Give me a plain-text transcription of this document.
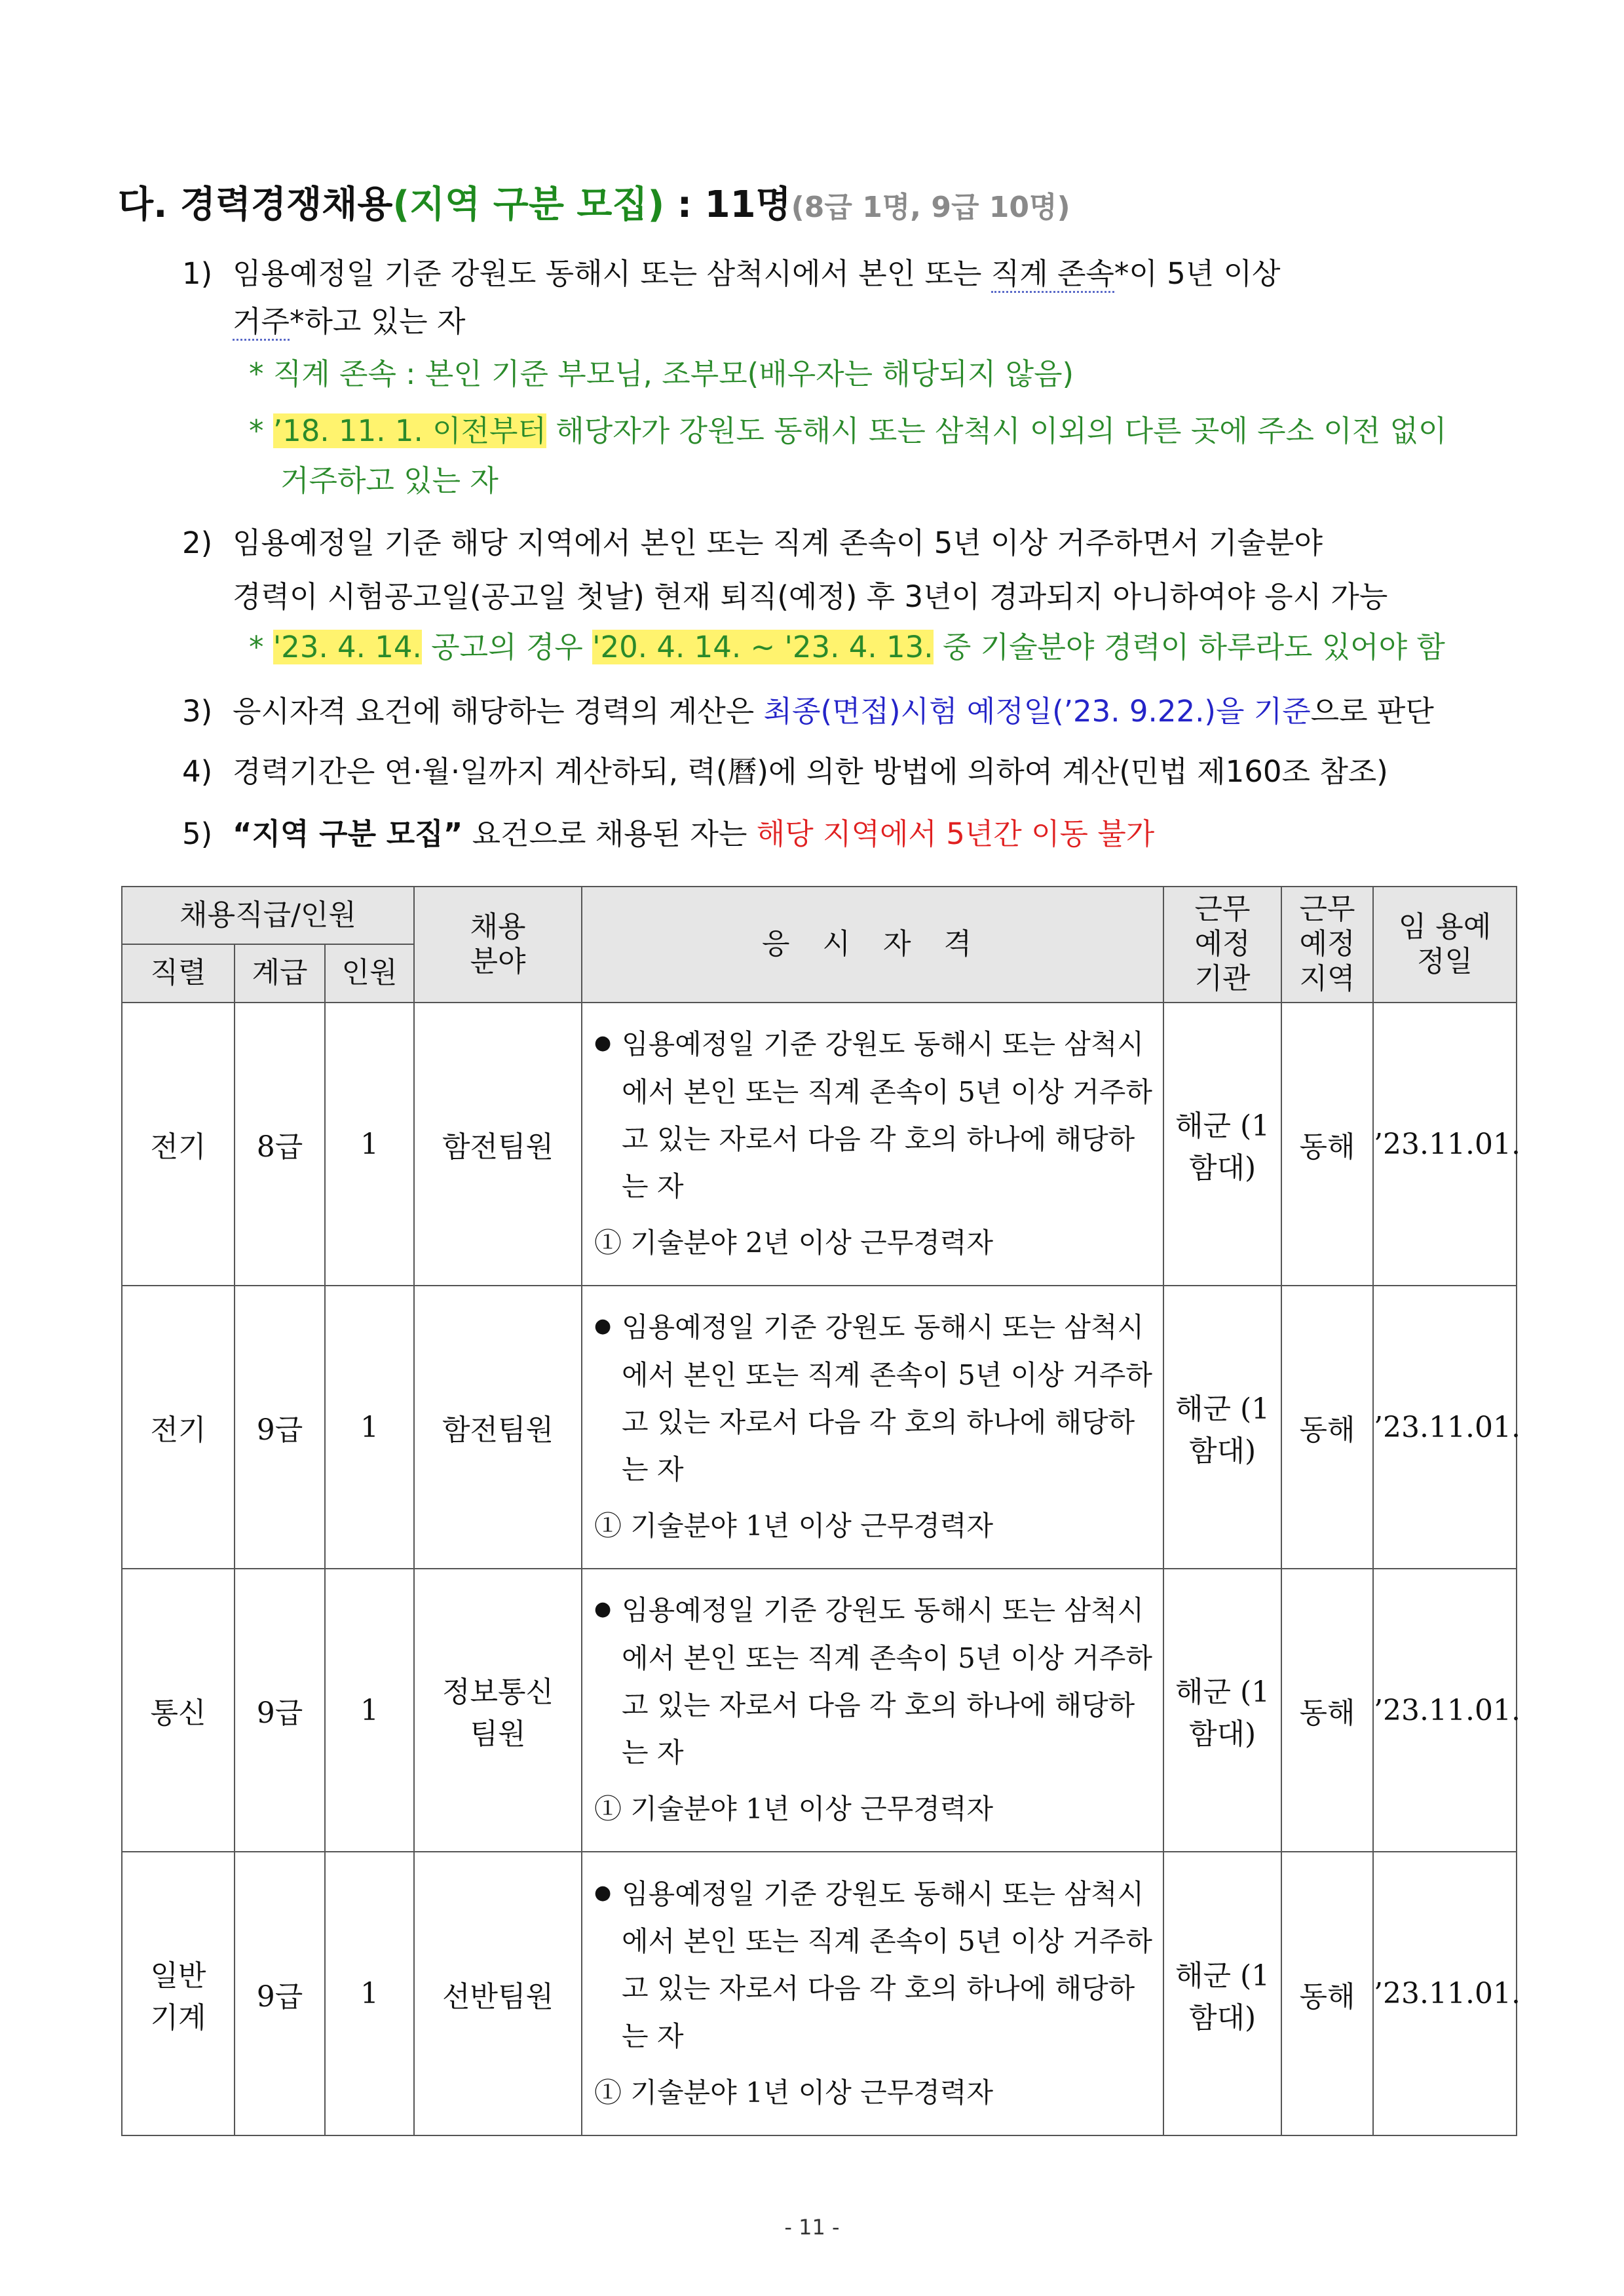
다. 경력경쟁채용(지역 구분 모집) : 11명(8급 1명, 9급 10명)
1) 임용예정일 기준 강원도 동해시 또는 삼척시에서 본인 또는 직계 존속*이 5년 이상
거주*하고 있는 자
* 직계 존속 : 본인 기준 부모님, 조부모(배우자는 해당되지 않음)
* ’18. 11. 1. 이전부터 해당자가 강원도 동해시 또는 삼척시 이외의 다른 곳에 주소 이전 없이
거주하고 있는 자
2) 임용예정일 기준 해당 지역에서 본인 또는 직계 존속이 5년 이상 거주하면서 기술분야
경력이 시험공고일(공고일 첫날) 현재 퇴직(예정) 후 3년이 경과되지 아니하여야 응시 가능
* '23. 4. 14. 공고의 경우 '20. 4. 14. ~ '23. 4. 13. 중 기술분야 경력이 하루라도 있어야 함
3) 응시자격 요건에 해당하는 경력의 계산은 최종(면접)시험 예정일(’23. 9.22.)을 기준으로 판단
4) 경력기간은 연·월·일까지 계산하되, 력(曆)에 의한 방법에 의하여 계산(민법 제160조 참조)
5) “지역 구분 모집” 요건으로 채용된 자는 해당 지역에서 5년간 이동 불가
채용직급/인원			채용분야	응 시 자 격	근무예정기관	근무예정지역	임 용예정일
직렬	계급	인원					
전기	8급	1	함전팀원	● 임용예정일 기준 강원도 동해시 또는 삼척시에서 본인 또는 직계 존속이 5년 이상 거주하고 있는 자로서 다음 각 호의 하나에 해당하는 자
① 기술분야 2년 이상 근무경력자	해군 (1함대)	동해	’23.11.01.
전기	9급	1	함전팀원	● 임용예정일 기준 강원도 동해시 또는 삼척시에서 본인 또는 직계 존속이 5년 이상 거주하고 있는 자로서 다음 각 호의 하나에 해당하는 자
① 기술분야 1년 이상 근무경력자	해군 (1함대)	동해	’23.11.01.
통신	9급	1	정보통신 팀원	● 임용예정일 기준 강원도 동해시 또는 삼척시에서 본인 또는 직계 존속이 5년 이상 거주하고 있는 자로서 다음 각 호의 하나에 해당하는 자
① 기술분야 1년 이상 근무경력자	해군 (1함대)	동해	’23.11.01.
일반 기계	9급	1	선반팀원	● 임용예정일 기준 강원도 동해시 또는 삼척시에서 본인 또는 직계 존속이 5년 이상 거주하고 있는 자로서 다음 각 호의 하나에 해당하는 자
① 기술분야 1년 이상 근무경력자	해군 (1함대)	동해	’23.11.01.
- 11 -
